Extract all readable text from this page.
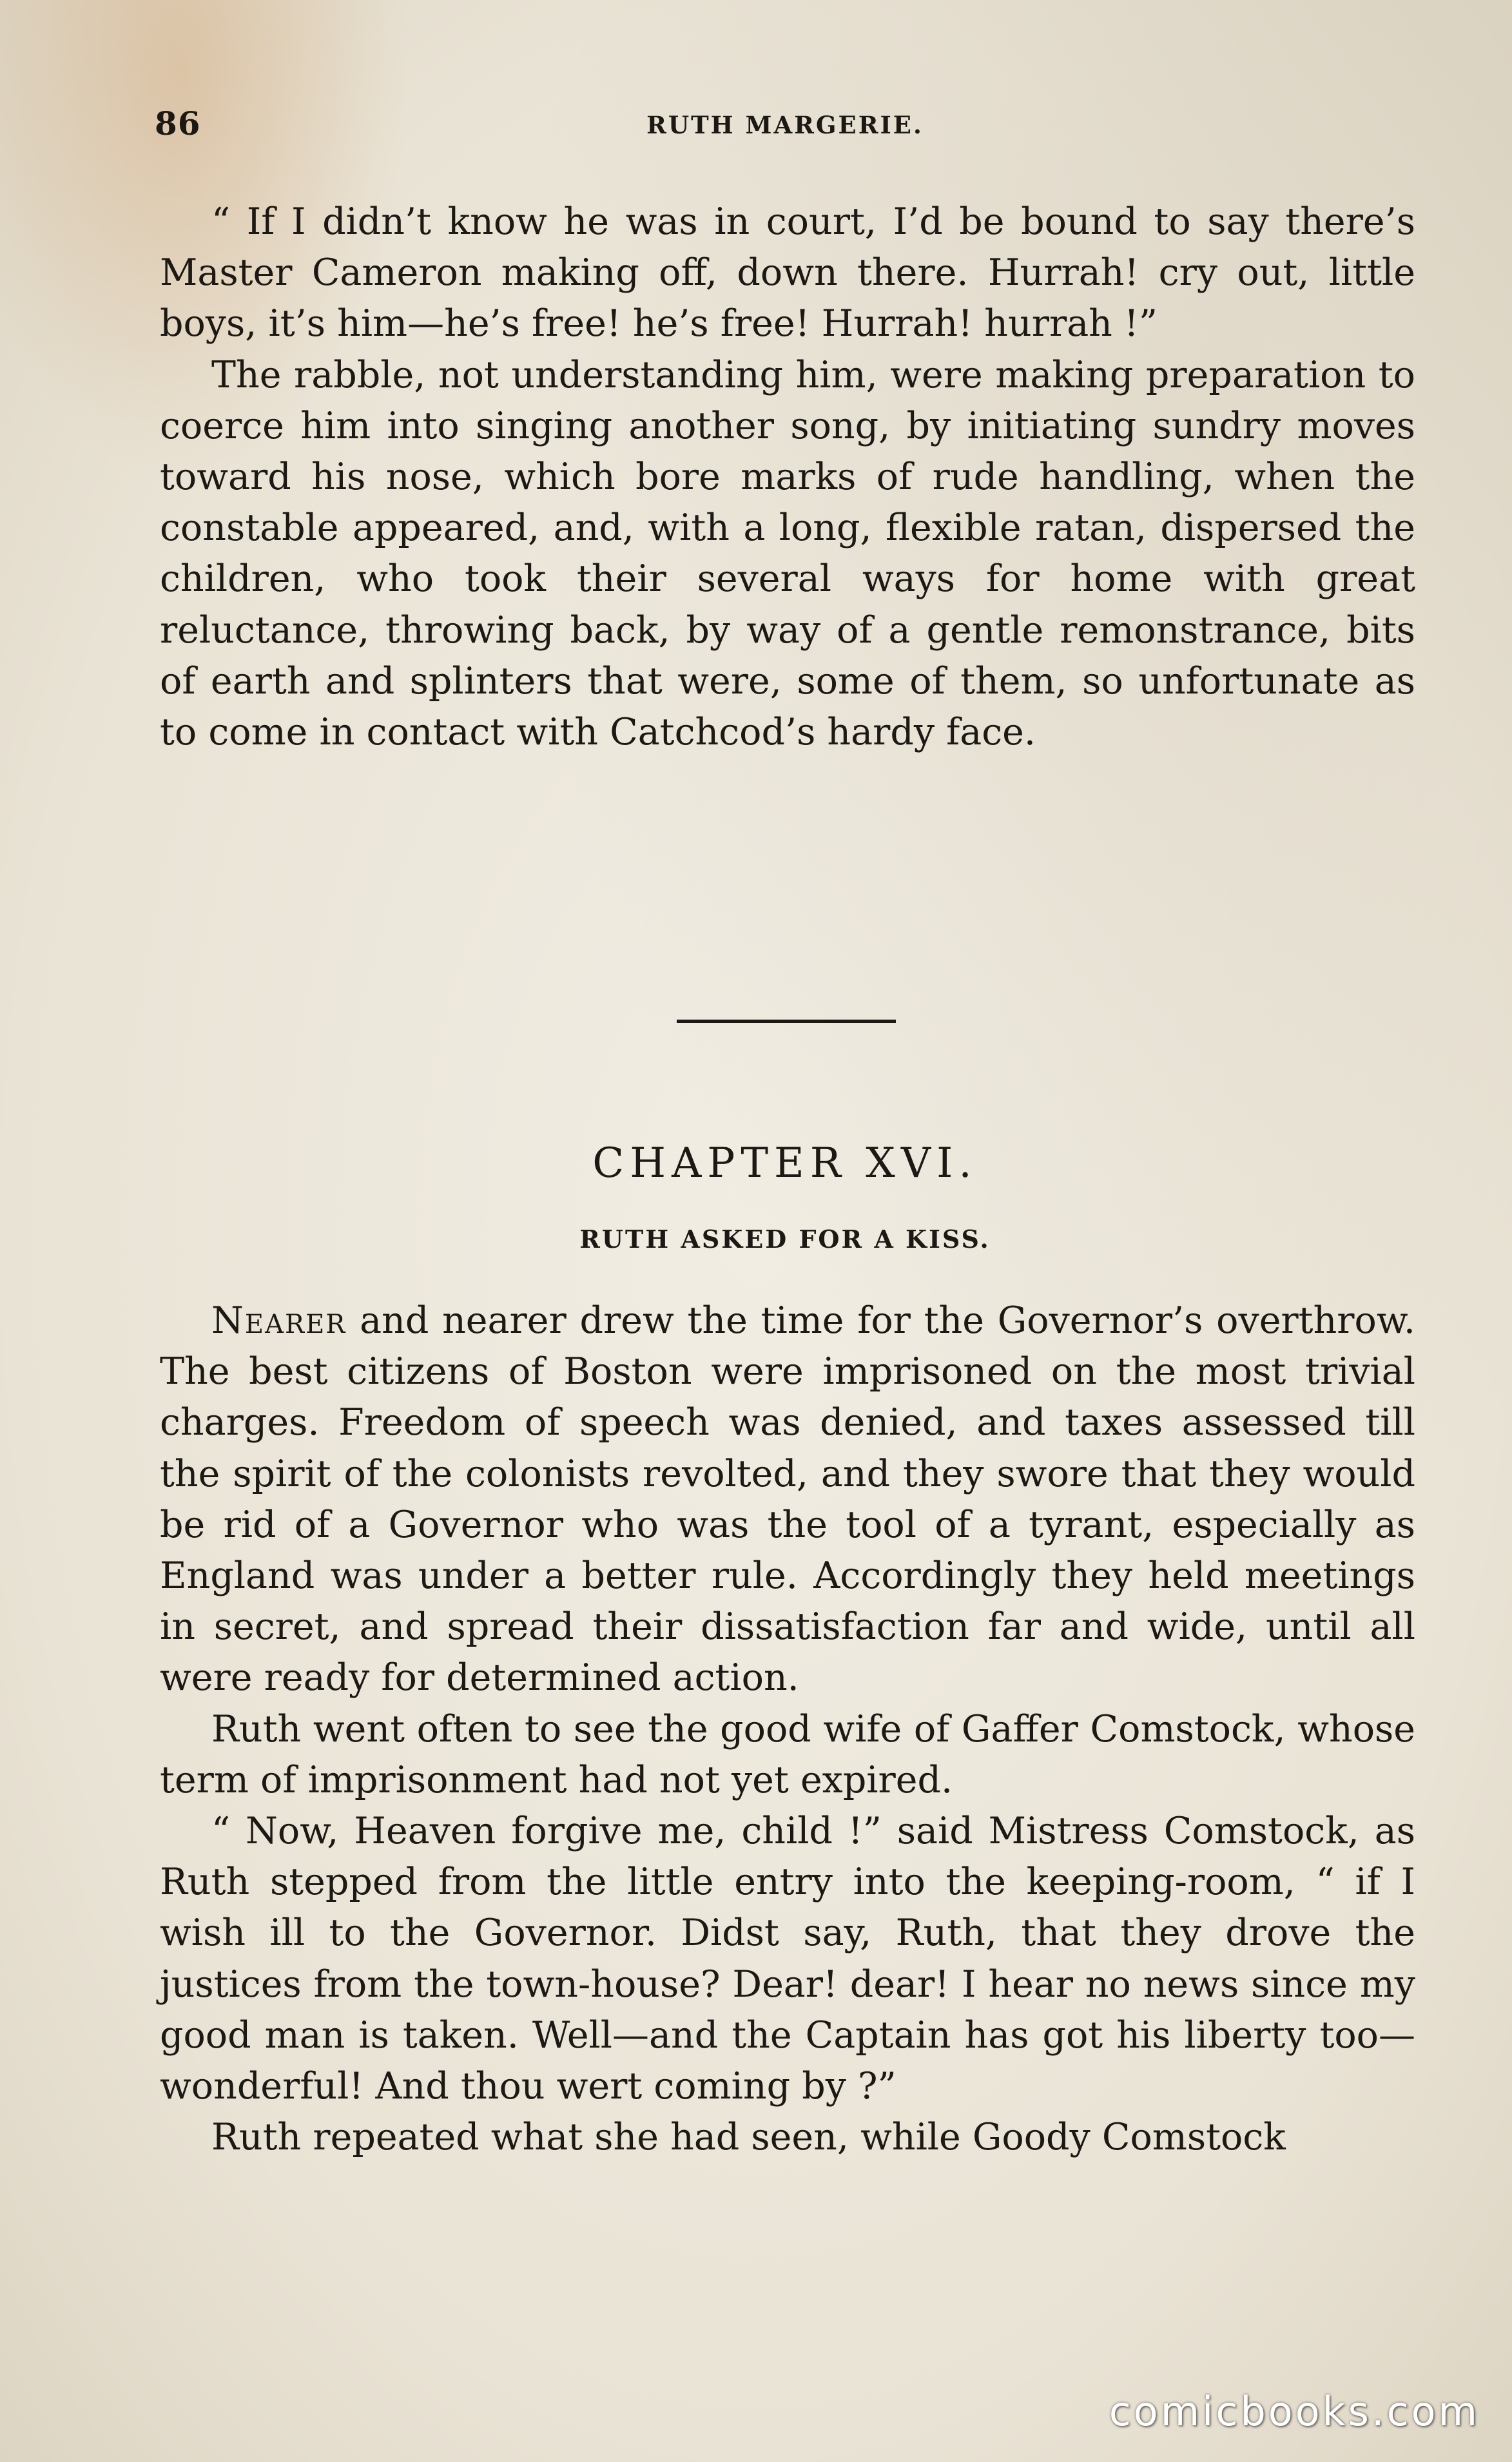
86	RUTH MARGERIE.

“ If I didn’t know he was in court, I’d be bound to say there’s Master Cameron making off, down there. Hurrah! cry out, little boys, it’s him—he’s free! he’s free! Hurrah! hurrah !”

The rabble, not understanding him, were making preparation to coerce him into singing another song, by initiating sundry moves toward his nose, which bore marks of rude handling, when the constable appeared, and, with a long, flexible ratan, dispersed the children, who took their several ways for home with great reluctance, throwing back, by way of a gentle remonstrance, bits of earth and splinters that were, some of them, so unfortunate as to come in contact with Catchcod’s hardy face.

CHAPTER XVI.
RUTH ASKED FOR A KISS.

Nearer and nearer drew the time for the Governor’s overthrow. The best citizens of Boston were imprisoned on the most trivial charges. Freedom of speech was denied, and taxes assessed till the spirit of the colonists revolted, and they swore that they would be rid of a Governor who was the tool of a tyrant, especially as England was under a better rule. Accordingly they held meetings in secret, and spread their dissatisfaction far and wide, until all were ready for determined action.

Ruth went often to see the good wife of Gaffer Comstock, whose term of imprisonment had not yet expired.

“ Now, Heaven forgive me, child !” said Mistress Comstock, as Ruth stepped from the little entry into the keeping-room, “ if I wish ill to the Governor. Didst say, Ruth, that they drove the justices from the town-house? Dear! dear! I hear no news since my good man is taken. Well—and the Captain has got his liberty too—wonderful! And thou wert coming by ?”

Ruth repeated what she had seen, while Goody Comstock

comicbooks.com
